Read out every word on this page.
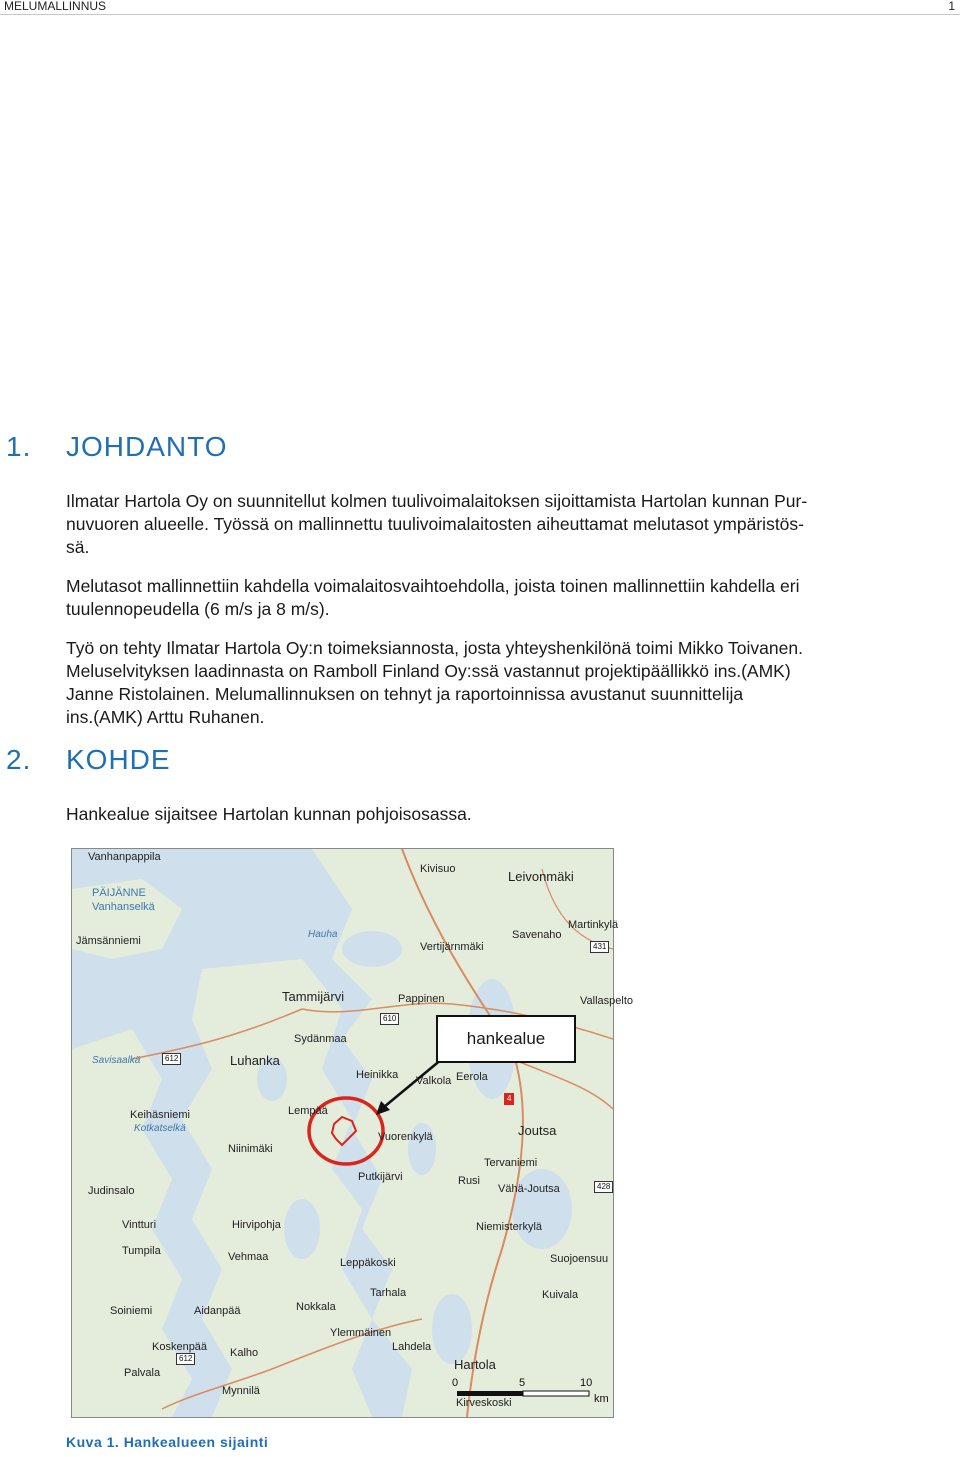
MELUMALLINNUS	1
1. JOHDANTO

Ilmatar Hartola Oy on suunnitellut kolmen tuulivoimalaitoksen sijoittamista Hartolan kunnan Pur-
nuvuoren alueelle. Työssä on mallinnettu tuulivoimalaitosten aiheuttamat melutasot ympäristös-
sä.

Melutasot mallinnettiin kahdella voimalaitosvaihtoehdolla, joista toinen mallinnettiin kahdella eri
tuulennopeudella (6 m/s ja 8 m/s).

Työ on tehty Ilmatar Hartola Oy:n toimeksiannosta, josta yhteyshenkilönä toimi Mikko Toivanen.
Meluselvityksen laadinnasta on Ramboll Finland Oy:ssä vastannut projektipäällikkö ins.(AMK)
Janne Ristolainen. Melumallinnuksen on tehnyt ja raportoinnissa avustanut suunnittelija
ins.(AMK) Arttu Ruhanen.

2. KOHDE

Hankealue sijaitsee Hartolan kunnan pohjoisosassa.

Vanhanpappila
Kivisuo	Leivonmäki
PÄIJÄNNE
Vanhanselkä
Jämsänniemi	Savenaho
Martinkylä
Hauha
Vertijärnmäki
Tammijärvi	Pappinen	Vallaspelto
Luhanka
Sydänmaa
Savisaalkä
Heinikka Valkola Eerola
Lempää
Keihäsniemi
Kotkatselkä
Vuorenkylä	Joutsa
Niinimäki
Putkijärvi
Tervaniemi
Rusi
Vähä-Joutsa
Judinsalo
Vintturi	Hirvipohja	Niemisterkylä
Tumpila	Vehmaa	Leppäkoski	Suojoensuu
Tarhala	Kuivala
Soiniemi	Aidanpää	Nokkala
Ylemmäinen
Kalho
Koskenpää	Lahdela
Palvala
Mynnilä
Hartola
Kirveskoski
431
610
612
4
428
612
0	5	10
km
hankealue

Kuva 1. Hankealueen sijainti
